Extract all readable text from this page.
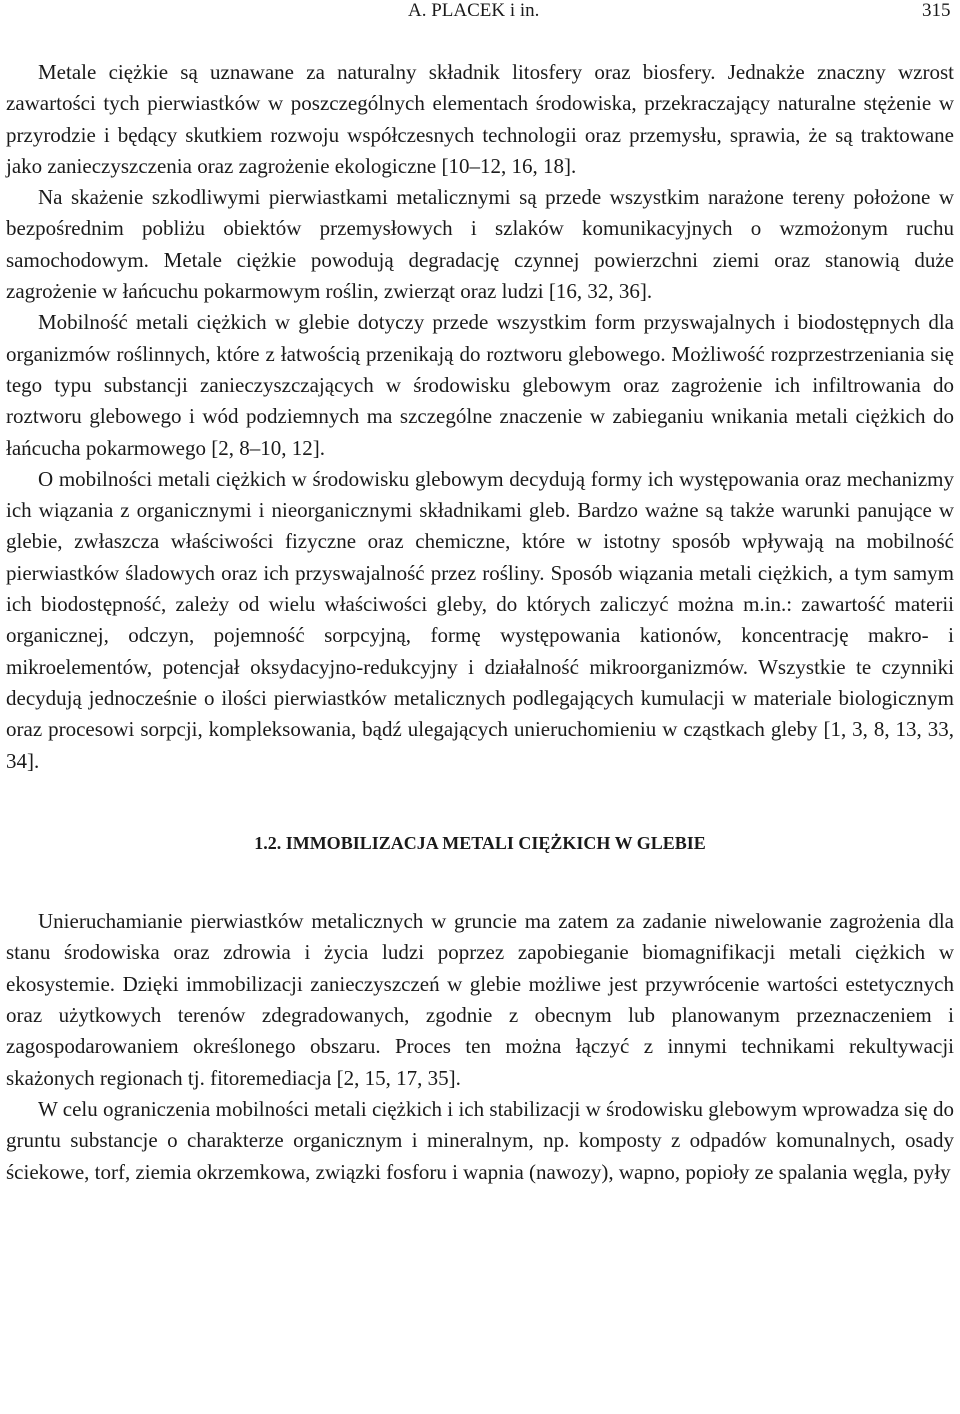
A. PLACEK i in.	315

Metale ciężkie są uznawane za naturalny składnik litosfery oraz biosfery. Jednakże znaczny wzrost zawartości tych pierwiastków w poszczególnych elementach środowiska, przekraczający naturalne stężenie w przyrodzie i będący skutkiem rozwoju współczesnych technologii oraz przemysłu, sprawia, że są traktowane jako zanieczyszczenia oraz zagrożenie ekologiczne [10–12, 16, 18].

Na skażenie szkodliwymi pierwiastkami metalicznymi są przede wszystkim narażone tereny położone w bezpośrednim pobliżu obiektów przemysłowych i szlaków komunikacyjnych o wzmożonym ruchu samochodowym. Metale ciężkie powodują degradację czynnej powierzchni ziemi oraz stanowią duże zagrożenie w łańcuchu pokarmowym roślin, zwierząt oraz ludzi [16, 32, 36].

Mobilność metali ciężkich w glebie dotyczy przede wszystkim form przyswajalnych i biodostępnych dla organizmów roślinnych, które z łatwością przenikają do roztworu glebowego. Możliwość rozprzestrzeniania się tego typu substancji zanieczyszczających w środowisku glebowym oraz zagrożenie ich infiltrowania do roztworu glebowego i wód podziemnych ma szczególne znaczenie w zabieganiu wnikania metali ciężkich do łańcucha pokarmowego [2, 8–10, 12].

O mobilności metali ciężkich w środowisku glebowym decydują formy ich występowania oraz mechanizmy ich wiązania z organicznymi i nieorganicznymi składnikami gleb. Bardzo ważne są także warunki panujące w glebie, zwłaszcza właściwości fizyczne oraz chemiczne, które w istotny sposób wpływają na mobilność pierwiastków śladowych oraz ich przyswajalność przez rośliny. Sposób wiązania metali ciężkich, a tym samym ich biodostępność, zależy od wielu właściwości gleby, do których zaliczyć można m.in.: zawartość materii organicznej, odczyn, pojemność sorpcyjną, formę występowania kationów, koncentrację makro- i mikroelementów, potencjał oksydacyjno-redukcyjny i działalność mikroorganizmów. Wszystkie te czynniki decydują jednocześnie o ilości pierwiastków metalicznych podlegających kumulacji w materiale biologicznym oraz procesowi sorpcji, kompleksowania, bądź ulegających unieruchomieniu w cząstkach gleby [1, 3, 8, 13, 33, 34].

1.2. IMMOBILIZACJA METALI CIĘŻKICH W GLEBIE

Unieruchamianie pierwiastków metalicznych w gruncie ma zatem za zadanie niwelowanie zagrożenia dla stanu środowiska oraz zdrowia i życia ludzi poprzez zapobieganie biomagnifikacji metali ciężkich w ekosystemie. Dzięki immobilizacji zanieczyszczeń w glebie możliwe jest przywrócenie wartości estetycznych oraz użytkowych terenów zdegradowanych, zgodnie z obecnym lub planowanym przeznaczeniem i zagospodarowaniem określonego obszaru. Proces ten można łączyć z innymi technikami rekultywacji skażonych regionach tj. fitoremediacja [2, 15, 17, 35].

W celu ograniczenia mobilności metali ciężkich i ich stabilizacji w środowisku glebowym wprowadza się do gruntu substancje o charakterze organicznym i mineralnym, np. komposty z odpadów komunalnych, osady ściekowe, torf, ziemia okrzemkowa, związki fosforu i wapnia (nawozy), wapno, popioły ze spalania węgla, pyły
